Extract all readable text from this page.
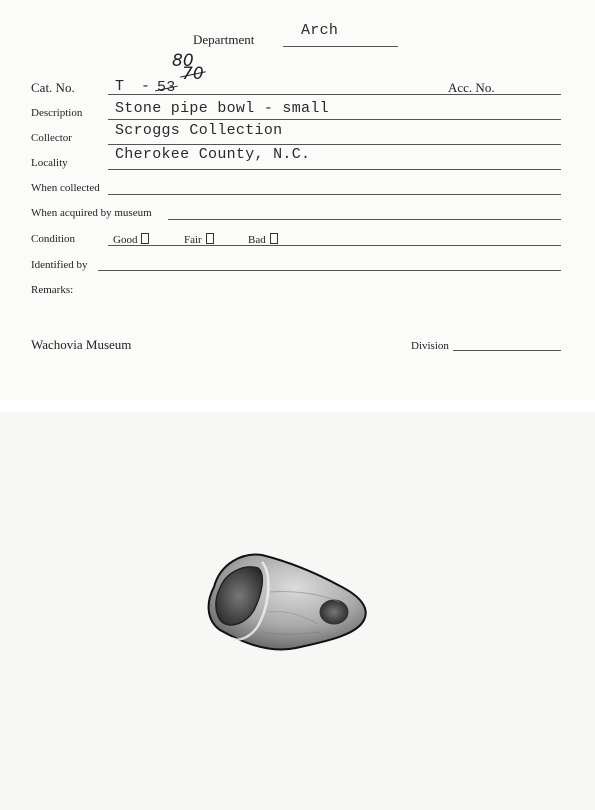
Department
Arch
Cat. No.	T - 53
80
70
Acc. No.
Description Stone pipe bowl - small
Collector	Scroggs Collection
Locality	Cherokee County, N.C.
When collected
When acquired by museum
Condition	Good	Fair	Bad
Identified by
Remarks:
Wachovia Museum	Division
